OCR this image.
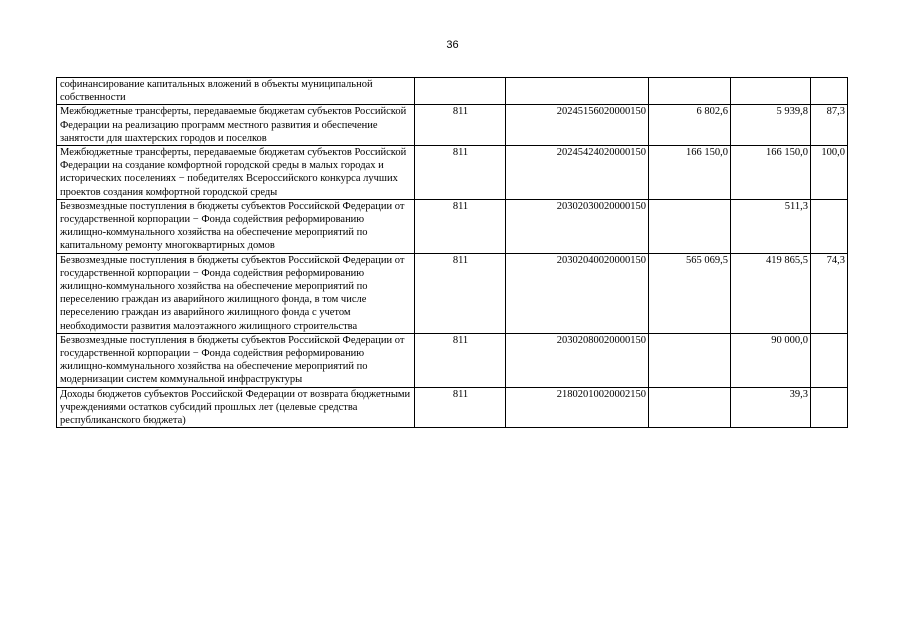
36
софинансирование капитальных вложений в объекты муниципальной собственности					
Межбюджетные трансферты, передаваемые бюджетам субъектов Российской Федерации на реализацию программ местного развития и обеспечение занятости для шахтерских городов и поселков	811	20245156020000150	6 802,6	5 939,8	87,3
Межбюджетные трансферты, передаваемые бюджетам субъектов Российской Федерации на создание комфортной городской среды в малых городах и исторических поселениях − победителях Всероссийского конкурса лучших проектов создания комфортной городской среды	811	20245424020000150	166 150,0	166 150,0	100,0
Безвозмездные поступления в бюджеты субъектов Российской Федерации от государственной корпорации − Фонда содействия реформированию жилищно-коммунального хозяйства на обеспечение мероприятий по капитальному ремонту многоквартирных домов	811	20302030020000150		511,3	
Безвозмездные поступления в бюджеты субъектов Российской Федерации от государственной корпорации − Фонда содействия реформированию жилищно-коммунального хозяйства на обеспечение мероприятий по переселению граждан из аварийного жилищного фонда, в том числе переселению граждан из аварийного жилищного фонда с учетом необходимости развития малоэтажного жилищного строительства	811	20302040020000150	565 069,5	419 865,5	74,3
Безвозмездные поступления в бюджеты субъектов Российской Федерации от государственной корпорации − Фонда содействия реформированию жилищно-коммунального хозяйства на обеспечение мероприятий по модернизации систем коммунальной инфраструктуры	811	20302080020000150		90 000,0	
Доходы бюджетов субъектов Российской Федерации от возврата бюджетными учреждениями остатков субсидий прошлых лет (целевые средства республиканского бюджета)	811	21802010020002150		39,3	
